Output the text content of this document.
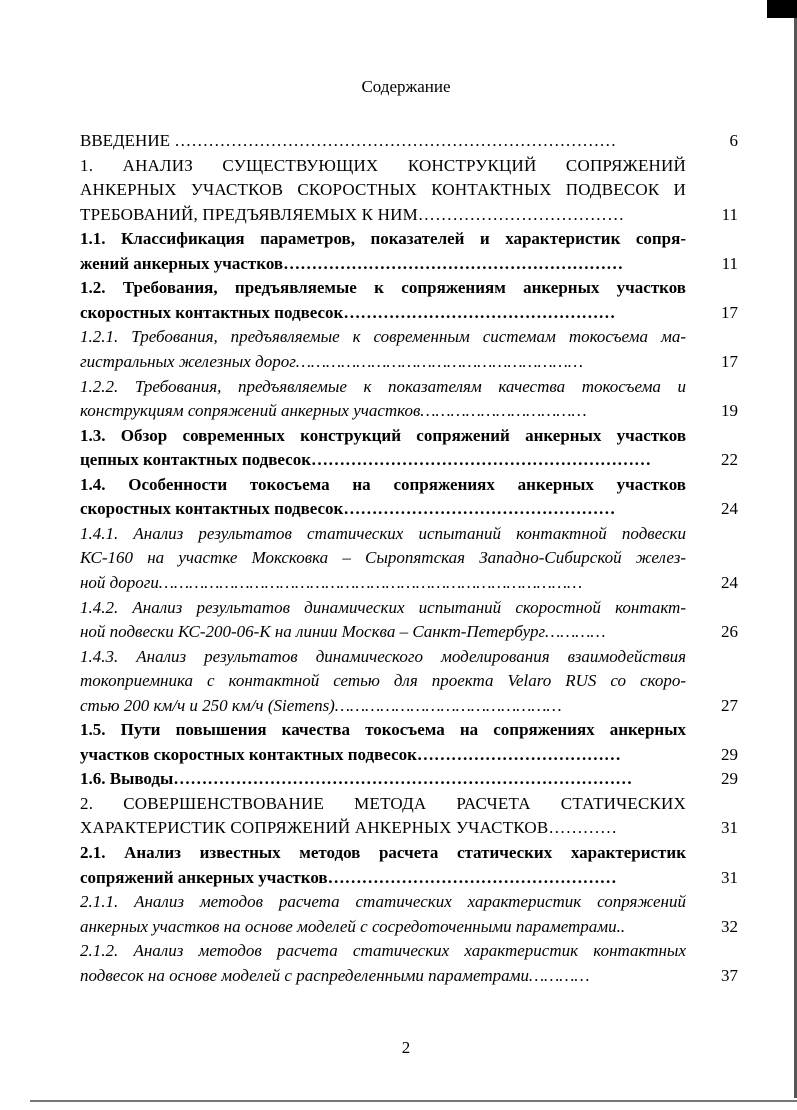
Содержание
ВВЕДЕНИЕ ……………………………………………………………………	6
1. АНАЛИЗ СУЩЕСТВУЮЩИХ КОНСТРУКЦИЙ СОПРЯЖЕНИЙ
АНКЕРНЫХ УЧАСТКОВ СКОРОСТНЫХ КОНТАКТНЫХ ПОДВЕСОК И
ТРЕБОВАНИЙ, ПРЕДЪЯВЛЯЕМЫХ К НИМ………………………………	11
1.1. Классификация параметров, показателей и характеристик сопря-
жений анкерных участков……………………………………………………	11
1.2. Требования, предъявляемые к сопряжениям анкерных участков
скоростных контактных подвесок…………………………………………	17
1.2.1. Требования, предъявляемые к современным системам токосъема ма-
гистральных железных дорог…………………………………………………	17
1.2.2. Требования, предъявляемые к показателям качества токосъема и
конструкциям сопряжений анкерных участков……………………………	19
1.3. Обзор современных конструкций сопряжений анкерных участков
цепных контактных подвесок……………………………………………………	22
1.4. Особенности токосъема на сопряжениях анкерных участков
скоростных контактных подвесок…………………………………………	24
1.4.1. Анализ результатов статических испытаний контактной подвески
КС-160 на участке Моксковка – Сыропятская Западно-Сибирской желез-
ной дороги…………………………………………………………………………	24
1.4.2. Анализ результатов динамических испытаний скоростной контакт-
ной подвески КС-200-06-К на линии Москва – Санкт-Петербург…………	26
1.4.3. Анализ результатов динамического моделирования взаимодействия
токоприемника с контактной сетью для проекта Velaro RUS со скоро-
стью 200 км/ч и 250 км/ч (Siemens)………………………………………	27
1.5. Пути повышения качества токосъема на сопряжениях анкерных
участков скоростных контактных подвесок………………………………	29
1.6. Выводы………………………………………………………………………	29
2. СОВЕРШЕНСТВОВАНИЕ МЕТОДА РАСЧЕТА СТАТИЧЕСКИХ
ХАРАКТЕРИСТИК СОПРЯЖЕНИЙ АНКЕРНЫХ УЧАСТКОВ…………	31
2.1. Анализ известных методов расчета статических характеристик
сопряжений анкерных участков……………………………………………	31
2.1.1. Анализ методов расчета статических характеристик сопряжений
анкерных участков на основе моделей с сосредоточенными параметрами..	32
2.1.2. Анализ методов расчета статических характеристик контактных
подвесок на основе моделей с распределенными параметрами…………	37
2
